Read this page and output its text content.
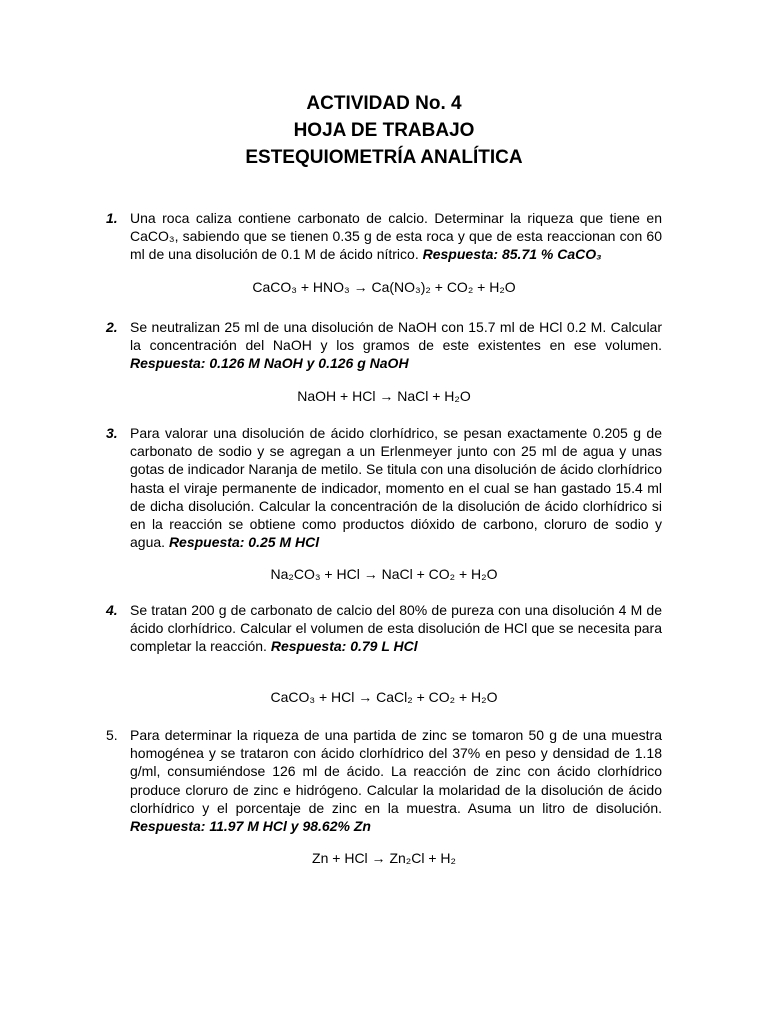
ACTIVIDAD No. 4
HOJA DE TRABAJO
ESTEQUIOMETRÍA ANALÍTICA
1. Una roca caliza contiene carbonato de calcio. Determinar la riqueza que tiene en CaCO₃, sabiendo que se tienen 0.35 g de esta roca y que de esta reaccionan con 60 ml de una disolución de 0.1 M de ácido nítrico. Respuesta: 85.71 % CaCO₃
CaCO₃ + HNO₃ → Ca(NO₃)₂ + CO₂ + H₂O
2. Se neutralizan 25 ml de una disolución de NaOH con 15.7 ml de HCl 0.2 M. Calcular la concentración del NaOH y los gramos de este existentes en ese volumen. Respuesta: 0.126 M NaOH y 0.126 g NaOH
NaOH + HCl → NaCl + H₂O
3. Para valorar una disolución de ácido clorhídrico, se pesan exactamente 0.205 g de carbonato de sodio y se agregan a un Erlenmeyer junto con 25 ml de agua y unas gotas de indicador Naranja de metilo. Se titula con una disolución de ácido clorhídrico hasta el viraje permanente de indicador, momento en el cual se han gastado 15.4 ml de dicha disolución. Calcular la concentración de la disolución de ácido clorhídrico si en la reacción se obtiene como productos dióxido de carbono, cloruro de sodio y agua. Respuesta: 0.25 M HCl
Na₂CO₃ + HCl → NaCl + CO₂ + H₂O
4. Se tratan 200 g de carbonato de calcio del 80% de pureza con una disolución 4 M de ácido clorhídrico. Calcular el volumen de esta disolución de HCl que se necesita para completar la reacción. Respuesta: 0.79 L HCl
CaCO₃ + HCl → CaCl₂ + CO₂ + H₂O
5. Para determinar la riqueza de una partida de zinc se tomaron 50 g de una muestra homogénea y se trataron con ácido clorhídrico del 37% en peso y densidad de 1.18 g/ml, consumiéndose 126 ml de ácido. La reacción de zinc con ácido clorhídrico produce cloruro de zinc e hidrógeno. Calcular la molaridad de la disolución de ácido clorhídrico y el porcentaje de zinc en la muestra. Asuma un litro de disolución. Respuesta: 11.97 M HCl y 98.62% Zn
Zn + HCl → Zn₂Cl + H₂
